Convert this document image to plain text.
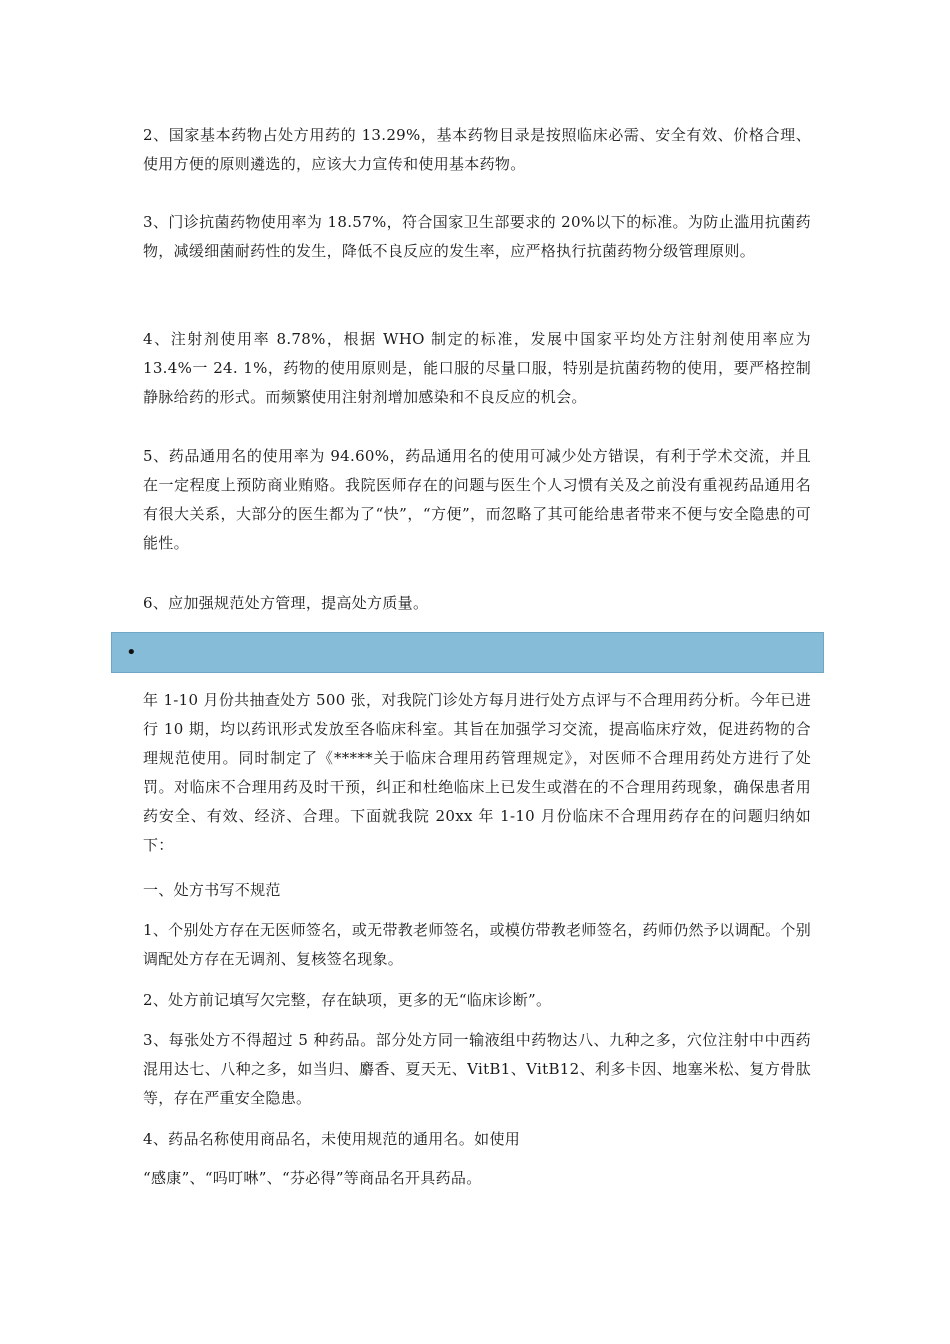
2、国家基本药物占处方用药的 13.29%，基本药物目录是按照临床必需、安全有效、价格合理、使用方便的原则遴选的，应该大力宣传和使用基本药物。

3、门诊抗菌药物使用率为 18.57%，符合国家卫生部要求的 20%以下的标准。为防止滥用抗菌药物，减缓细菌耐药性的发生，降低不良反应的发生率，应严格执行抗菌药物分级管理原则。

4、注射剂使用率 8.78%，根据 WHO 制定的标准，发展中国家平均处方注射剂使用率应为 13.4%一 24. 1%，药物的使用原则是，能口服的尽量口服，特别是抗菌药物的使用，要严格控制静脉给药的形式。而频繁使用注射剂增加感染和不良反应的机会。

5、药品通用名的使用率为 94.60%，药品通用名的使用可减少处方错误，有利于学术交流，并且在一定程度上预防商业贿赂。我院医师存在的问题与医生个人习惯有关及之前没有重视药品通用名有很大关系，大部分的医生都为了“快”，“方便”，而忽略了其可能给患者带来不便与安全隐患的可能性。

6、应加强规范处方管理，提高处方质量。

•

年 1-10 月份共抽查处方 500 张，对我院门诊处方每月进行处方点评与不合理用药分析。今年已进行 10 期，均以药讯形式发放至各临床科室。其旨在加强学习交流，提高临床疗效，促进药物的合理规范使用。同时制定了《*****关于临床合理用药管理规定》，对医师不合理用药处方进行了处罚。对临床不合理用药及时干预，纠正和杜绝临床上已发生或潜在的不合理用药现象，确保患者用药安全、有效、经济、合理。下面就我院 20xx 年 1-10 月份临床不合理用药存在的问题归纳如下：

一、处方书写不规范

1、个别处方存在无医师签名，或无带教老师签名，或模仿带教老师签名，药师仍然予以调配。个别调配处方存在无调剂、复核签名现象。

2、处方前记填写欠完整，存在缺项，更多的无“临床诊断”。

3、每张处方不得超过 5 种药品。部分处方同一输液组中药物达八、九种之多，穴位注射中中西药混用达七、八种之多，如当归、麝香、夏天无、VitB1、VitB12、利多卡因、地塞米松、复方骨肽等，存在严重安全隐患。

4、药品名称使用商品名，未使用规范的通用名。如使用

“感康”、“吗叮啉”、“芬必得”等商品名开具药品。
